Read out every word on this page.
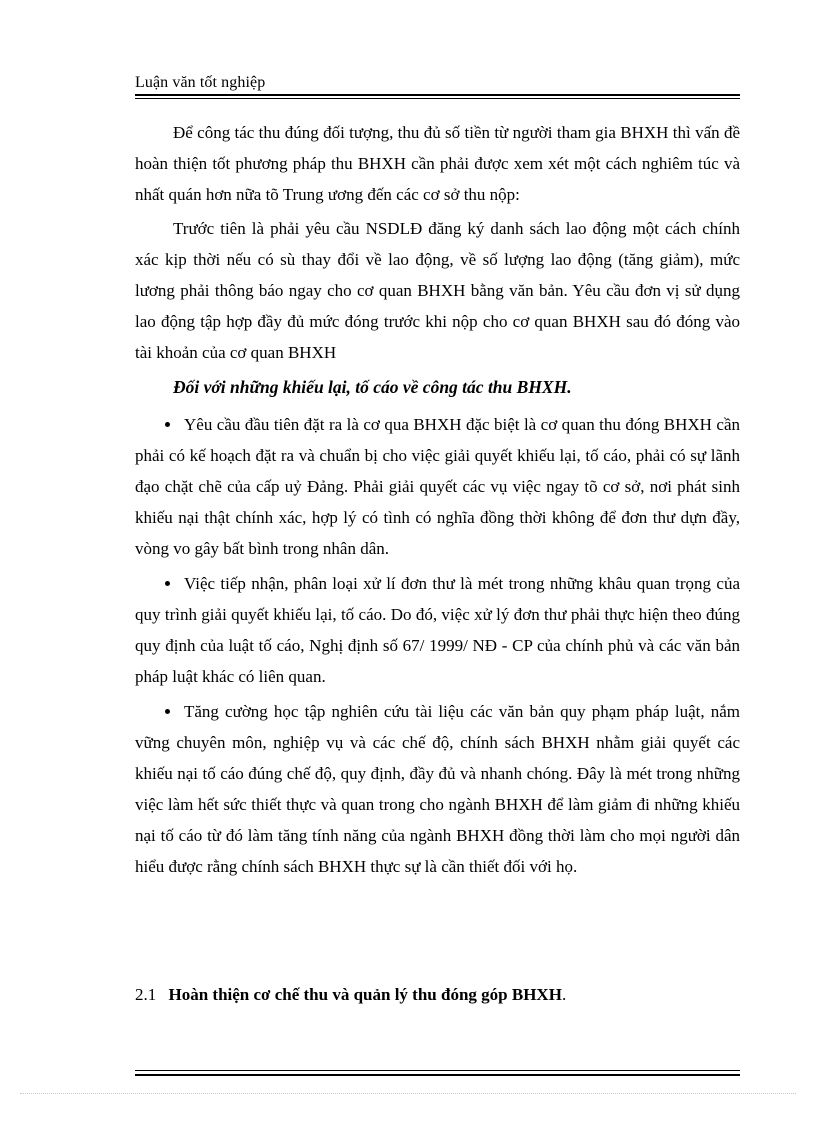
Luận văn tốt nghiệp

Để công tác thu đúng đối tượng, thu đủ số tiền từ người tham gia BHXH thì vấn đề hoàn thiện tốt phương pháp thu BHXH cần phải được xem xét một cách nghiêm túc và nhất quán hơn nữa tõ Trung ương đến các cơ sở thu nộp:

Trước tiên là phải yêu cầu NSDLĐ đăng ký danh sách lao động một cách chính xác kịp thời nếu có sù thay đổi về lao động, về số lượng lao động (tăng giảm), mức lương phải thông báo ngay cho cơ quan BHXH bằng văn bản. Yêu cầu đơn vị sử dụng lao động tập hợp đầy đủ mức đóng trước khi nộp cho cơ quan BHXH sau đó đóng vào tài khoản của cơ quan BHXH

Đối với những khiếu lại, tố cáo về công tác thu BHXH.

Yêu cầu đầu tiên đặt ra là cơ qua BHXH đặc biệt là cơ quan thu đóng BHXH cần phải có kế hoạch đặt ra và chuẩn bị cho việc giải quyết khiếu lại, tố cáo, phải có sự lãnh đạo chặt chẽ của cấp uỷ Đảng. Phải giải quyết các vụ việc ngay tõ cơ sở, nơi phát sinh khiếu nại thật chính xác, hợp lý có tình có nghĩa đồng thời không để đơn thư dựn đầy, vòng vo gây bất bình trong nhân dân.

Việc tiếp nhận, phân loại xử lí đơn thư là mét trong những khâu quan trọng của quy trình giải quyết khiếu lại, tố cáo. Do đó, việc xử lý đơn thư phải thực hiện theo đúng quy định của luật tố cáo, Nghị định số 67/ 1999/ NĐ - CP của chính phủ và các văn bản pháp luật khác có liên quan.

Tăng cường học tập nghiên cứu tài liệu các văn bản quy phạm pháp luật, nắm vững chuyên môn, nghiệp vụ và các chế độ, chính sách BHXH nhằm giải quyết các khiếu nại tố cáo đúng chế độ, quy định, đầy đủ và nhanh chóng. Đây là mét trong những việc làm hết sức thiết thực và quan trong cho ngành BHXH để làm giảm đi những khiếu nại tố cáo từ đó làm tăng tính năng của ngành BHXH đồng thời làm cho mọi người dân hiểu được rằng chính sách BHXH thực sự là cần thiết đối với họ.

2.1 Hoàn thiện cơ chế thu và quản lý thu đóng góp BHXH.
